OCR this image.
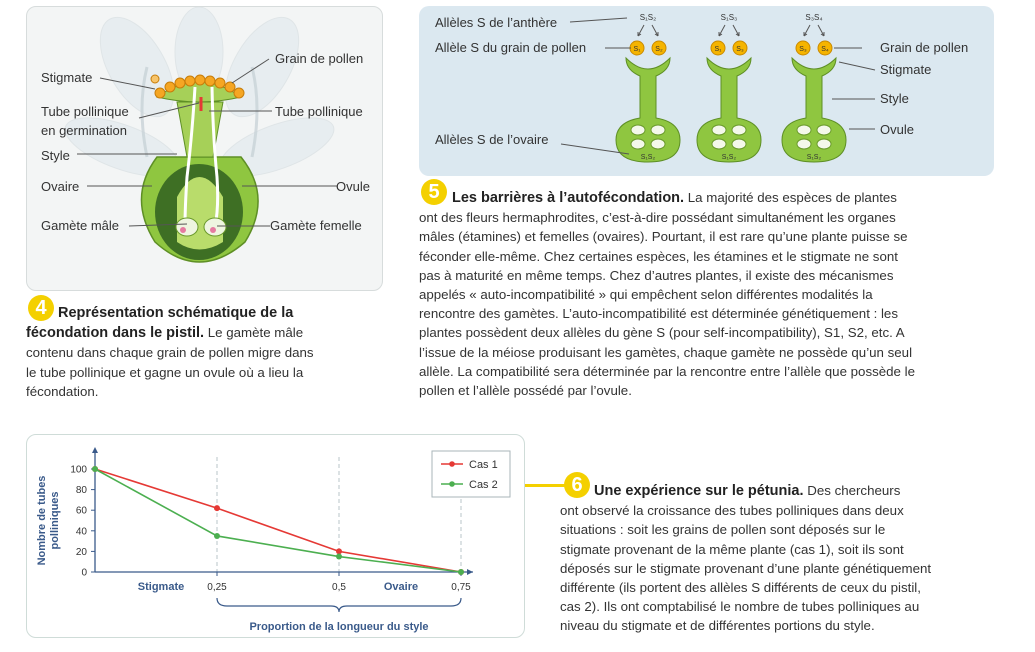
Stigmate
Tube pollinique
en germination
Style
Ovaire
Gamète mâle
Grain de pollen
Tube pollinique
Ovule
Gamète femelle
4 Représentation schématique de la
fécondation dans le pistil. Le gamète mâle
contenu dans chaque grain de pollen migre dans
le tube pollinique et gagne un ovule où a lieu la
fécondation.
S₁S₂
S₁ S₂
S₁S₂
S₁S₃
S₁ S₃
S₁S₂
S₃S₄
S₃ S₄
S₁S₂
Allèles S de l’anthère
Allèle S du grain de pollen
Allèles S de l’ovaire
Grain de pollen
Stigmate
Style
Ovule
5 Les barrières à l’autofécondation. La majorité des espèces de plantes
ont des fleurs hermaphrodites, c’est-à-dire possédant simultanément les organes
mâles (étamines) et femelles (ovaires). Pourtant, il est rare qu’une plante puisse se
féconder elle-même. Chez certaines espèces, les étamines et le stigmate ne sont
pas à maturité en même temps. Chez d’autres plantes, il existe des mécanismes
appelés « auto-incompatibilité » qui empêchent selon différentes modalités la
rencontre des gamètes. L’auto-incompatibilité est déterminée génétiquement : les
plantes possèdent deux allèles du gène S (pour self-incompatibility), S1, S2, etc. A
l’issue de la méiose produisant les gamètes, chaque gamète ne possède qu’un seul
allèle. La compatibilité sera déterminée par la rencontre entre l’allèle que possède le
pollen et l’allèle possédé par l’ovule.
0
20
40
60
80
100
0,25	0,5	0,75
Stigmate	Ovaire
Proportion de la longueur du style
Nombre de tubes polliniques
Cas 1
Cas 2	6 Une expérience sur le pétunia. Des chercheurs
ont observé la croissance des tubes polliniques dans deux
situations : soit les grains de pollen sont déposés sur le
stigmate provenant de la même plante (cas 1), soit ils sont
déposés sur le stigmate provenant d’une plante génétiquement
différente (ils portent des allèles S différents de ceux du pistil,
cas 2). Ils ont comptabilisé le nombre de tubes polliniques au
niveau du stigmate et de différentes portions du style.
